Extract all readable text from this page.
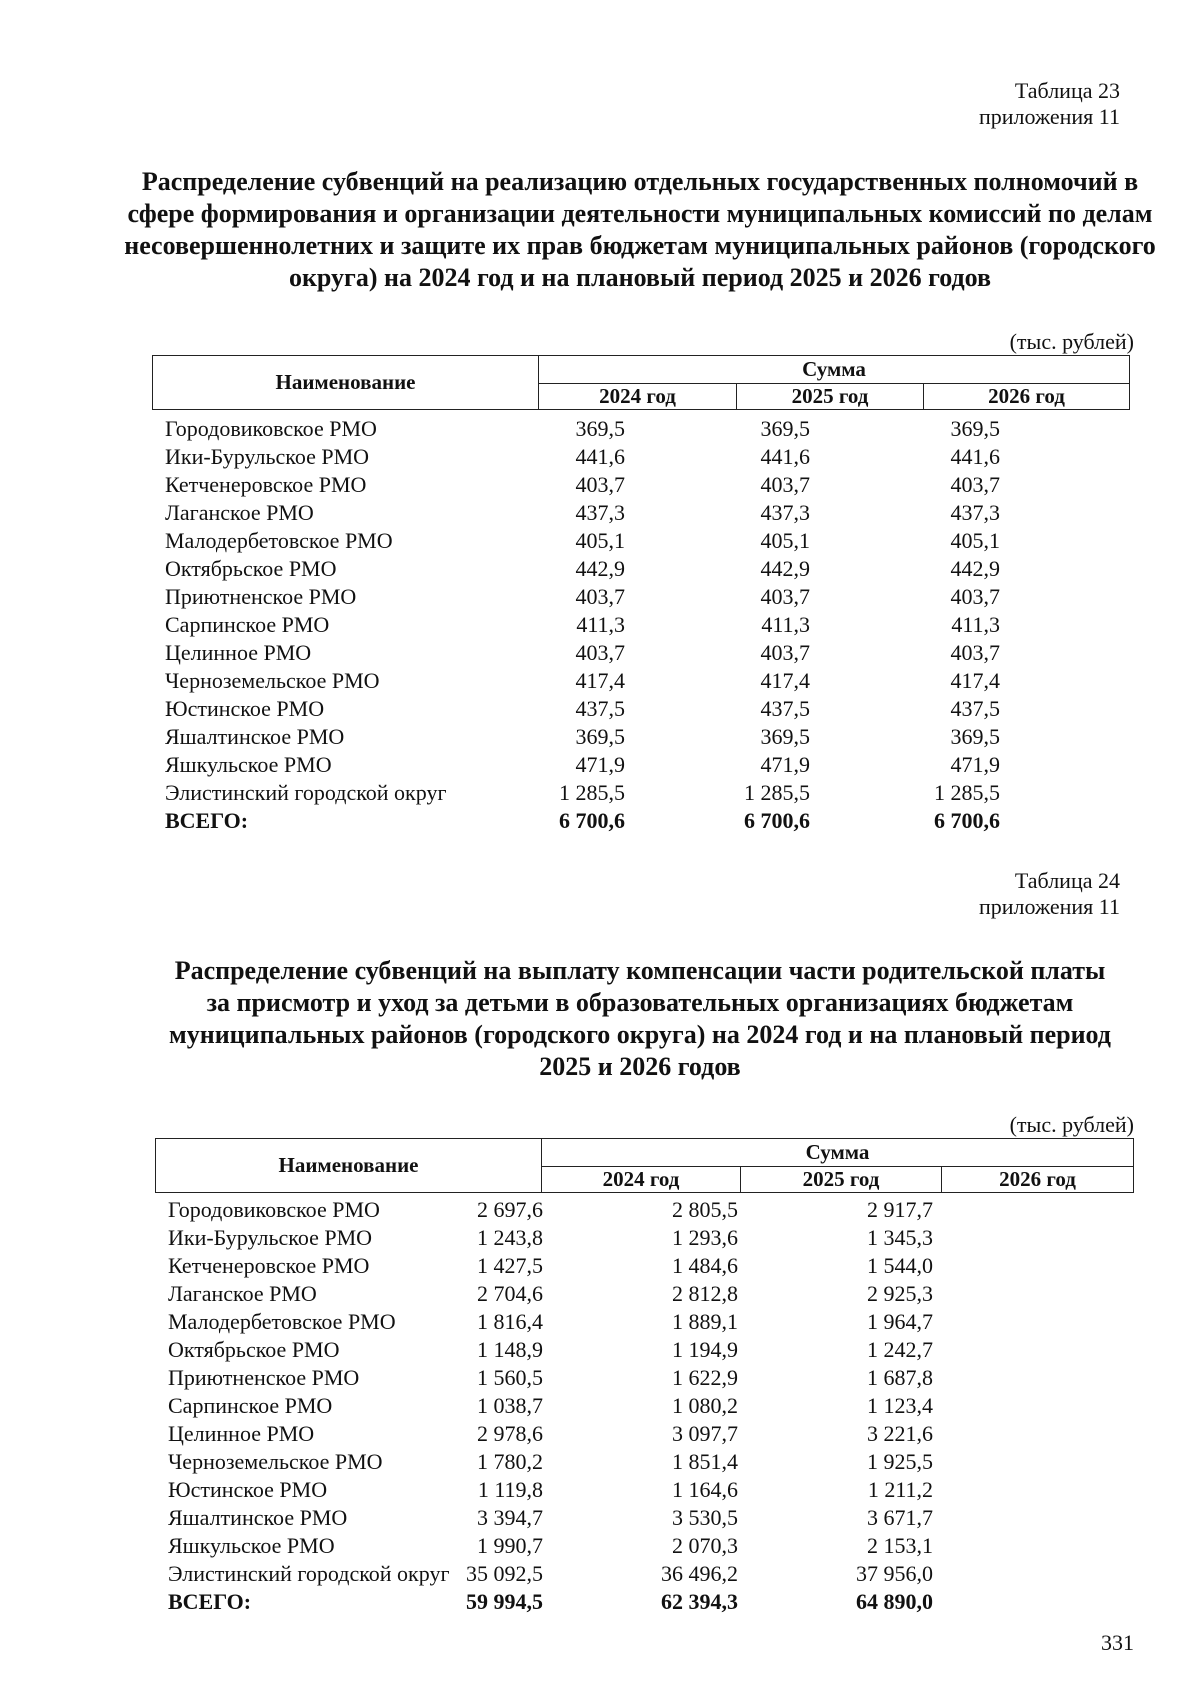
Таблица 23
приложения 11
Распределение субвенций на реализацию отдельных государственных полномочий в сфере формирования и организации деятельности муниципальных комиссий по делам несовершеннолетних и защите их прав бюджетам муниципальных районов (городского округа) на 2024 год и на плановый период 2025 и 2026 годов
(тыс. рублей)
Наименование	Сумма		
	2024 год	2025 год	2026 год
Городовиковское РМО	369,5	369,5	369,5
Ики-Бурульское РМО	441,6	441,6	441,6
Кетченеровское РМО	403,7	403,7	403,7
Лаганское РМО	437,3	437,3	437,3
Малодербетовское РМО	405,1	405,1	405,1
Октябрьское РМО	442,9	442,9	442,9
Приютненское РМО	403,7	403,7	403,7
Сарпинское РМО	411,3	411,3	411,3
Целинное РМО	403,7	403,7	403,7
Черноземельское РМО	417,4	417,4	417,4
Юстинское РМО	437,5	437,5	437,5
Яшалтинское РМО	369,5	369,5	369,5
Яшкульское РМО	471,9	471,9	471,9
Элистинский городской округ	1 285,5	1 285,5	1 285,5
ВСЕГО:	6 700,6	6 700,6	6 700,6
Таблица 24
приложения 11
Распределение субвенций на выплату компенсации части родительской платы за присмотр и уход за детьми в образовательных организациях бюджетам муниципальных районов (городского округа) на 2024 год и на плановый период 2025 и 2026 годов
(тыс. рублей)
Наименование	Сумма		
	2024 год	2025 год	2026 год
Городовиковское РМО	2 697,6	2 805,5	2 917,7
Ики-Бурульское РМО	1 243,8	1 293,6	1 345,3
Кетченеровское РМО	1 427,5	1 484,6	1 544,0
Лаганское РМО	2 704,6	2 812,8	2 925,3
Малодербетовское РМО	1 816,4	1 889,1	1 964,7
Октябрьское РМО	1 148,9	1 194,9	1 242,7
Приютненское РМО	1 560,5	1 622,9	1 687,8
Сарпинское РМО	1 038,7	1 080,2	1 123,4
Целинное РМО	2 978,6	3 097,7	3 221,6
Черноземельское РМО	1 780,2	1 851,4	1 925,5
Юстинское РМО	1 119,8	1 164,6	1 211,2
Яшалтинское РМО	3 394,7	3 530,5	3 671,7
Яшкульское РМО	1 990,7	2 070,3	2 153,1
Элистинский городской округ 35 092,5	36 496,2	37 956,0
ВСЕГО:	59 994,5	62 394,3	64 890,0
331
